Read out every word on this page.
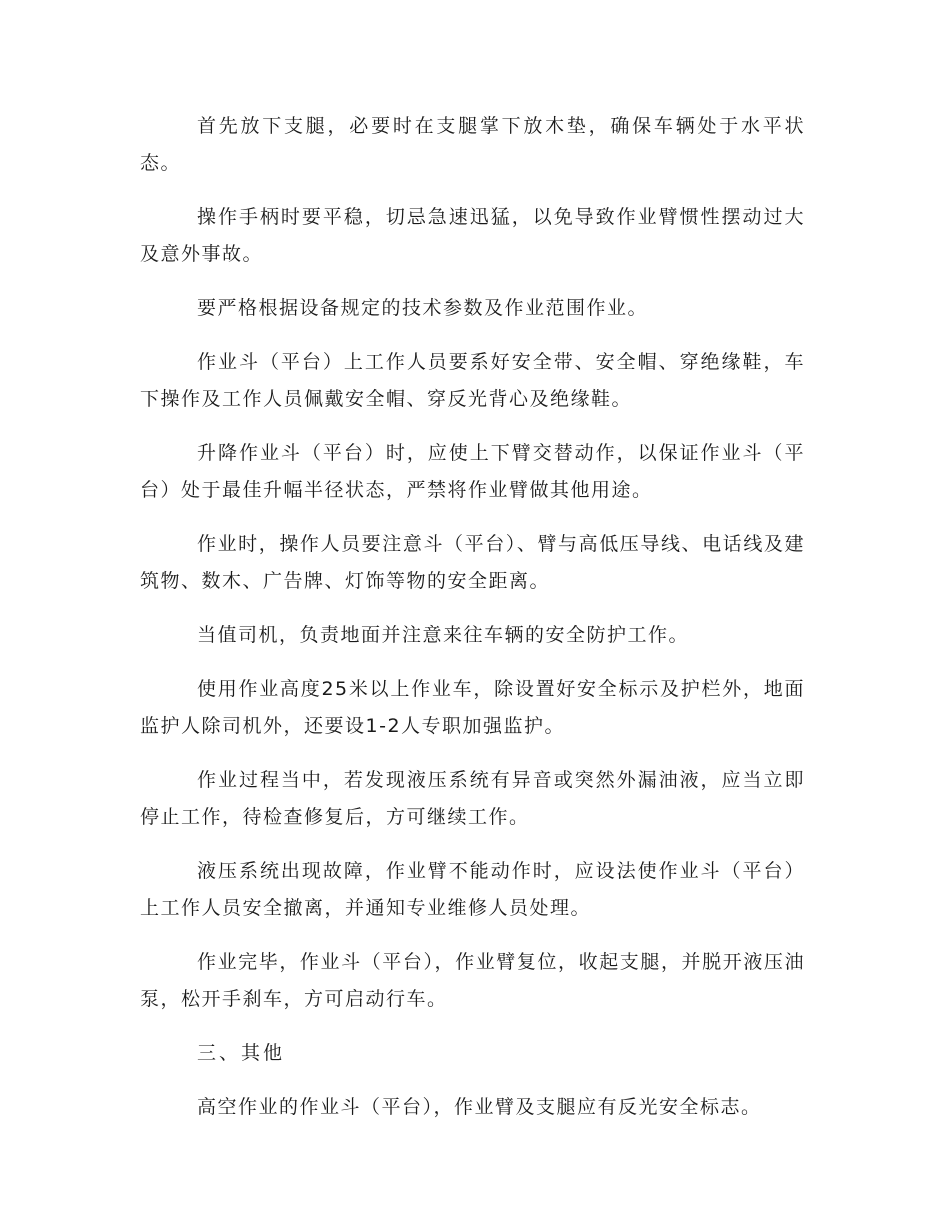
首先放下支腿，必要时在支腿掌下放木垫，确保车辆处于水平状态。

操作手柄时要平稳，切忌急速迅猛，以免导致作业臂惯性摆动过大及意外事故。

要严格根据设备规定的技术参数及作业范围作业。

作业斗（平台）上工作人员要系好安全带、安全帽、穿绝缘鞋，车下操作及工作人员佩戴安全帽、穿反光背心及绝缘鞋。

升降作业斗（平台）时，应使上下臂交替动作，以保证作业斗（平台）处于最佳升幅半径状态，严禁将作业臂做其他用途。

作业时，操作人员要注意斗（平台）、臂与高低压导线、电话线及建筑物、数木、广告牌、灯饰等物的安全距离。

当值司机，负责地面并注意来往车辆的安全防护工作。

使用作业高度25米以上作业车，除设置好安全标示及护栏外，地面监护人除司机外，还要设1-2人专职加强监护。

作业过程当中，若发现液压系统有异音或突然外漏油液，应当立即停止工作，待检查修复后，方可继续工作。

液压系统出现故障，作业臂不能动作时，应设法使作业斗（平台）上工作人员安全撤离，并通知专业维修人员处理。

作业完毕，作业斗（平台），作业臂复位，收起支腿，并脱开液压油泵，松开手刹车，方可启动行车。

三、其他

高空作业的作业斗（平台），作业臂及支腿应有反光安全标志。
